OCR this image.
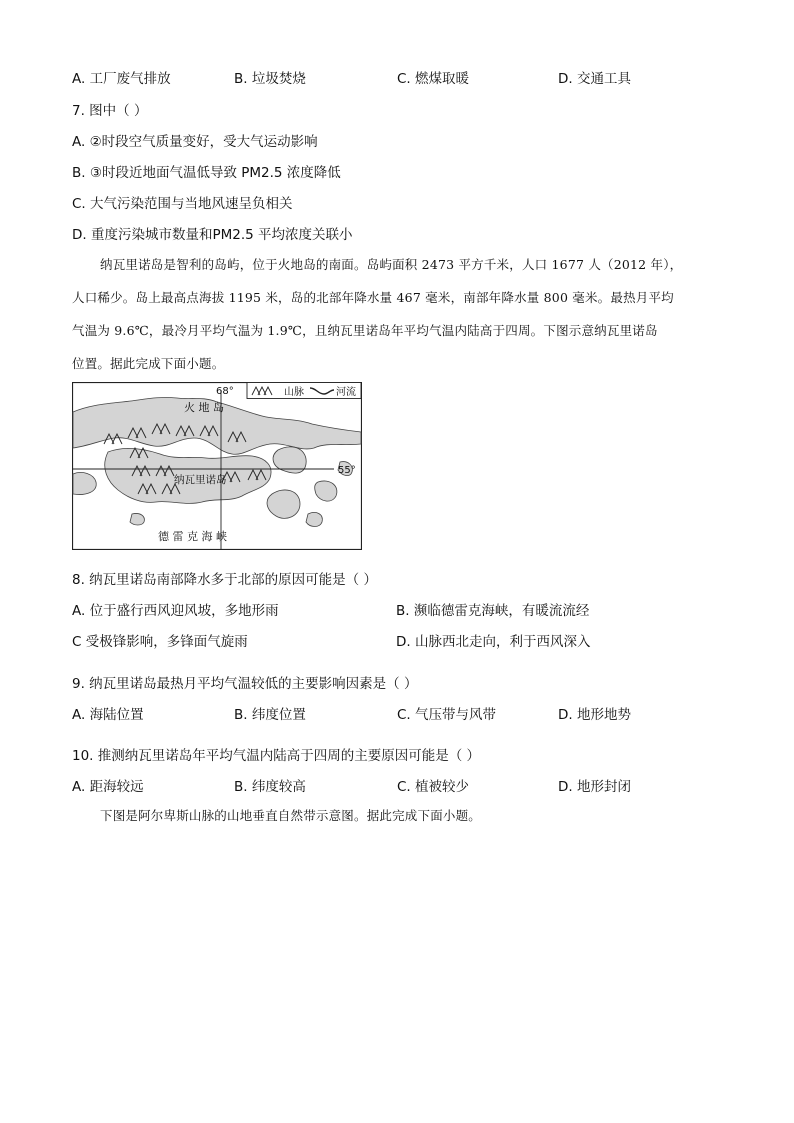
A. 工厂废气排放	B. 垃圾焚烧	C. 燃煤取暖	D. 交通工具
7. 图中（ ）
A. ②时段空气质量变好，受大气运动影响
B. ③时段近地面气温低导致 PM2.5 浓度降低
C. 大气污染范围与当地风速呈负相关
D. 重度污染城市数量和PM2.5 平均浓度关联小

纳瓦里诺岛是智利的岛屿，位于火地岛的南面。岛屿面积 2473 平方千米，人口 1677 人（2012 年），

人口稀少。岛上最高点海拔 1195 米，岛的北部年降水量 467 毫米，南部年降水量 800 毫米。最热月平均

气温为 9.6℃，最冷月平均气温为 1.9℃，且纳瓦里诺岛年平均气温内陆高于四周。下图示意纳瓦里诺岛

位置。据此完成下面小题。

山脉	河流
68°
55°
火 地 岛
纳瓦里诺岛
德 雷 克 海 峡
8. 纳瓦里诺岛南部降水多于北部的原因可能是（ ）
A. 位于盛行西风迎风坡，多地形雨	B. 濒临德雷克海峡，有暖流流经
C 受极锋影响，多锋面气旋雨	D. 山脉西北走向，利于西风深入
9. 纳瓦里诺岛最热月平均气温较低的主要影响因素是（ ）
A. 海陆位置	B. 纬度位置	C. 气压带与风带	D. 地形地势
10. 推测纳瓦里诺岛年平均气温内陆高于四周的主要原因可能是（ ）
A. 距海较远	B. 纬度较高	C. 植被较少	D. 地形封闭

下图是阿尔卑斯山脉的山地垂直自然带示意图。据此完成下面小题。
